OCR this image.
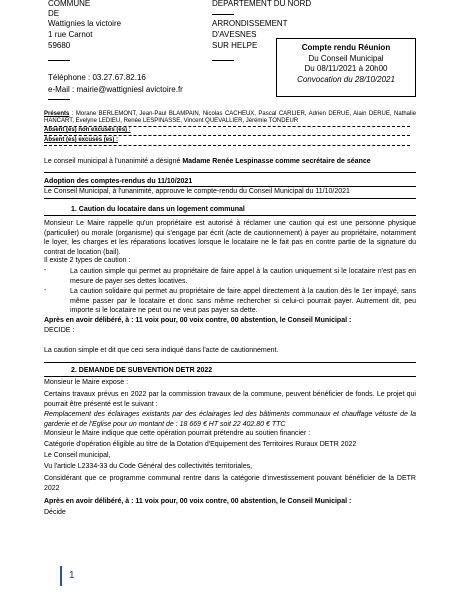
COMMUNE
DE
Wattignies la victoire
1 rue Carnot
59680
Téléphone : 03.27.67.82.16
e-Mail : mairie@wattigniesl avictoire.fr
DEPARTEMENT DU NORD
ARRONDISSEMENT
D'AVESNES
SUR HELPE	Compte rendu Réunion
Du Conseil Municipal
Du 08/11/2021 à 20h00
Convocation du 28/10/2021
Présents : Morane BERLEMONT, Jean-Paul BLAMPAIN, Nicolas CACHEUX, Pascal CARLIER, Adrien DERUE, Alain DERUE, Nathalie HANCART, Evelyne LEDIEU, Renée LESPINASSE, Vincent QUEVALLIER, Jérémie TONDEUR
Absent (es) non excusés (es) :
Absent (es) excusés (es) :
Le conseil municipal à l'unanimité a désigné Madame Renée Lespinasse comme secrétaire de séance
Adoption des comptes-rendus du 11/10/2021
Le Conseil Municipal, à l'unanimité, approuve le compte-rendu du Conseil Municipal du 11/10/2021
1. Caution du locataire dans un logement communal
Monsieur Le Maire rappelle qu'un propriétaire est autorisé à réclamer une caution qui est une personne physique (particulier) ou morale (organisme) qui s'engage par écrit (acte de cautionnement) à payer au propriétaire, notamment le loyer, les charges et les réparations locatives lorsque le locataire ne le fait pas en contre partie de la signature du contrat de location (bail).
Il existe 2 types de caution :
-	La caution simple qui permet au propriétaire de faire appel à la caution uniquement si le locataire n'est pas en mesure de payer ses dettes locatives.
-	La caution solidaire qui permet au propriétaire de faire appel directement à la caution dès le 1er impayé, sans même passer par le locataire et donc sans même rechercher si celui-ci pourrait payer. Autrement dit, peu importe si le locataire ne peut ou ne veut pas payer sa dette.
Après en avoir délibéré, à : 11 voix pour, 00 voix contre, 00 abstention, le Conseil Municipal :
DECIDE :
La caution simple et dit que ceci sera indiqué dans l'acte de cautionnement.
2. DEMANDE DE SUBVENTION DETR 2022
Monsieur le Maire expose :
Certains travaux prévus en 2022 par la commission travaux de la commune, peuvent bénéficier de fonds. Le projet qui pourrait être présenté est le suivant :
Remplacement des éclairages existants par des éclairages led des bâtiments communaux et chauffage vétuste de la garderie et de l'Eglise pour un montant de : 18 669 € HT soit 22 402.80 € TTC
Monsieur le Maire indique que cette opération pourrait prétendre au soutien financier :
Catégorie d'opération éligible au titre de la Dotation d'Equipement des Territoires Ruraux DETR 2022
Le Conseil municipal,
Vu l'article L2334-33 du Code Général des collectivités territoriales,
Considérant que ce programme communal rentre dans la catégorie d'investissement pouvant bénéficier de la DETR 2022
Après en avoir délibéré, à : 11 voix pour, 00 voix contre, 00 abstention, le Conseil Municipal :
Décide
1
